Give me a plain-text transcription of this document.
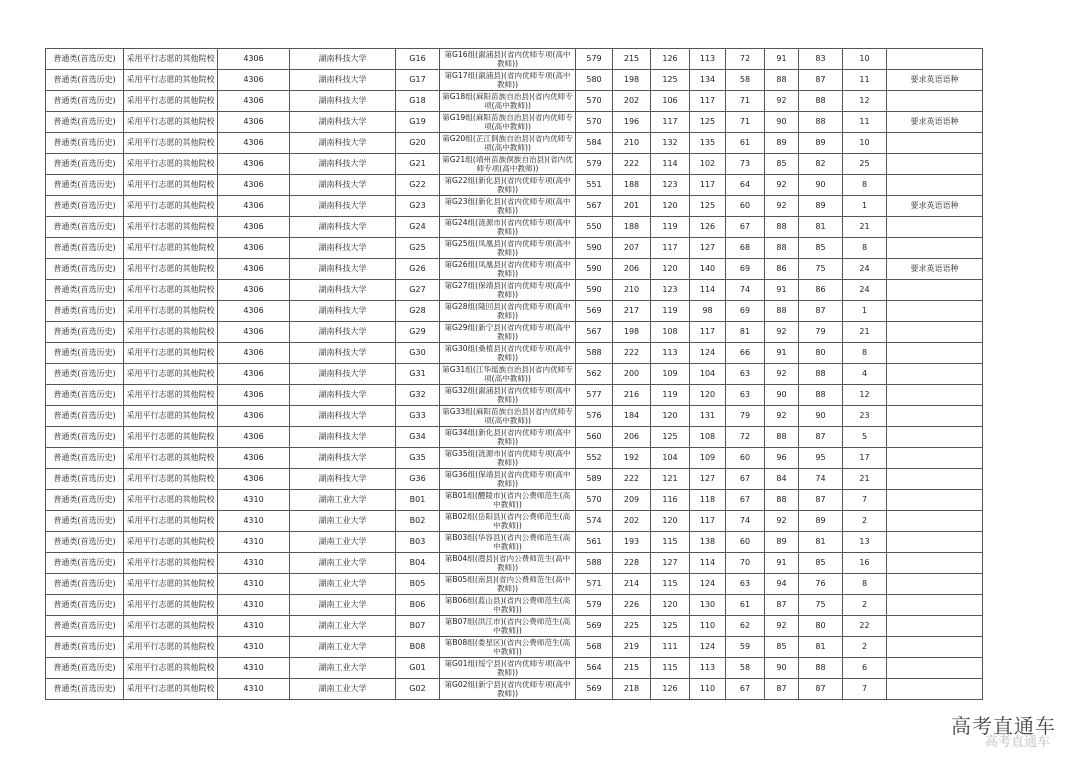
普通类(首选历史)	采用平行志愿的其他院校	4306	湖南科技大学	G16	第G16组(溆浦县)(省内优师专项(高中教师))	579	215	126	113	72	91	83	10	
普通类(首选历史)	采用平行志愿的其他院校	4306	湖南科技大学	G17	第G17组(溆浦县)(省内优师专项(高中教师))	580	198	125	134	58	88	87	11	要求英语语种
普通类(首选历史)	采用平行志愿的其他院校	4306	湖南科技大学	G18	第G18组(麻阳苗族自治县)(省内优师专项(高中教师))	570	202	106	117	71	92	88	12	
普通类(首选历史)	采用平行志愿的其他院校	4306	湖南科技大学	G19	第G19组(麻阳苗族自治县)(省内优师专项(高中教师))	570	196	117	125	71	90	88	11	要求英语语种
普通类(首选历史)	采用平行志愿的其他院校	4306	湖南科技大学	G20	第G20组(芷江侗族自治县)(省内优师专项(高中教师))	584	210	132	135	61	89	89	10	
普通类(首选历史)	采用平行志愿的其他院校	4306	湖南科技大学	G21	第G21组(靖州苗族侗族自治县)(省内优师专项(高中教师))	579	222	114	102	73	85	82	25	
普通类(首选历史)	采用平行志愿的其他院校	4306	湖南科技大学	G22	第G22组(新化县)(省内优师专项(高中教师))	551	188	123	117	64	92	90	8	
普通类(首选历史)	采用平行志愿的其他院校	4306	湖南科技大学	G23	第G23组(新化县)(省内优师专项(高中教师))	567	201	120	125	60	92	89	1	要求英语语种
普通类(首选历史)	采用平行志愿的其他院校	4306	湖南科技大学	G24	第G24组(涟源市)(省内优师专项(高中教师))	550	188	119	126	67	88	81	21	
普通类(首选历史)	采用平行志愿的其他院校	4306	湖南科技大学	G25	第G25组(凤凰县)(省内优师专项(高中教师))	590	207	117	127	68	88	85	8	
普通类(首选历史)	采用平行志愿的其他院校	4306	湖南科技大学	G26	第G26组(凤凰县)(省内优师专项(高中教师))	590	206	120	140	69	86	75	24	要求英语语种
普通类(首选历史)	采用平行志愿的其他院校	4306	湖南科技大学	G27	第G27组(保靖县)(省内优师专项(高中教师))	590	210	123	114	74	91	86	24	
普通类(首选历史)	采用平行志愿的其他院校	4306	湖南科技大学	G28	第G28组(隆回县)(省内优师专项(高中教师))	569	217	119	98	69	88	87	1	
普通类(首选历史)	采用平行志愿的其他院校	4306	湖南科技大学	G29	第G29组(新宁县)(省内优师专项(高中教师))	567	198	108	117	81	92	79	21	
普通类(首选历史)	采用平行志愿的其他院校	4306	湖南科技大学	G30	第G30组(桑植县)(省内优师专项(高中教师))	588	222	113	124	66	91	80	8	
普通类(首选历史)	采用平行志愿的其他院校	4306	湖南科技大学	G31	第G31组(江华瑶族自治县)(省内优师专项(高中教师))	562	200	109	104	63	92	88	4	
普通类(首选历史)	采用平行志愿的其他院校	4306	湖南科技大学	G32	第G32组(溆浦县)(省内优师专项(高中教师))	577	216	119	120	63	90	88	12	
普通类(首选历史)	采用平行志愿的其他院校	4306	湖南科技大学	G33	第G33组(麻阳苗族自治县)(省内优师专项(高中教师))	576	184	120	131	79	92	90	23	
普通类(首选历史)	采用平行志愿的其他院校	4306	湖南科技大学	G34	第G34组(新化县)(省内优师专项(高中教师))	560	206	125	108	72	88	87	5	
普通类(首选历史)	采用平行志愿的其他院校	4306	湖南科技大学	G35	第G35组(涟源市)(省内优师专项(高中教师))	552	192	104	109	60	96	95	17	
普通类(首选历史)	采用平行志愿的其他院校	4306	湖南科技大学	G36	第G36组(保靖县)(省内优师专项(高中教师))	589	222	121	127	67	84	74	21	
普通类(首选历史)	采用平行志愿的其他院校	4310	湖南工业大学	B01	第B01组(醴陵市)(省内公费师范生(高中教师))	570	209	116	118	67	88	87	7	
普通类(首选历史)	采用平行志愿的其他院校	4310	湖南工业大学	B02	第B02组(岳阳县)(省内公费师范生(高中教师))	574	202	120	117	74	92	89	2	
普通类(首选历史)	采用平行志愿的其他院校	4310	湖南工业大学	B03	第B03组(华容县)(省内公费师范生(高中教师))	561	193	115	138	60	89	81	13	
普通类(首选历史)	采用平行志愿的其他院校	4310	湖南工业大学	B04	第B04组(澧县)(省内公费师范生(高中教师))	588	228	127	114	70	91	85	16	
普通类(首选历史)	采用平行志愿的其他院校	4310	湖南工业大学	B05	第B05组(南县)(省内公费师范生(高中教师))	571	214	115	124	63	94	76	8	
普通类(首选历史)	采用平行志愿的其他院校	4310	湖南工业大学	B06	第B06组(蓝山县)(省内公费师范生(高中教师))	579	226	120	130	61	87	75	2	
普通类(首选历史)	采用平行志愿的其他院校	4310	湖南工业大学	B07	第B07组(洪江市)(省内公费师范生(高中教师))	569	225	125	110	62	92	80	22	
普通类(首选历史)	采用平行志愿的其他院校	4310	湖南工业大学	B08	第B08组(娄星区)(省内公费师范生(高中教师))	568	219	111	124	59	85	81	2	
普通类(首选历史)	采用平行志愿的其他院校	4310	湖南工业大学	G01	第G01组(绥宁县)(省内优师专项(高中教师))	564	215	115	113	58	90	88	6	
普通类(首选历史)	采用平行志愿的其他院校	4310	湖南工业大学	G02	第G02组(新宁县)(省内优师专项(高中教师))	569	218	126	110	67	87	87	7	
高考直通车
高考直通车
